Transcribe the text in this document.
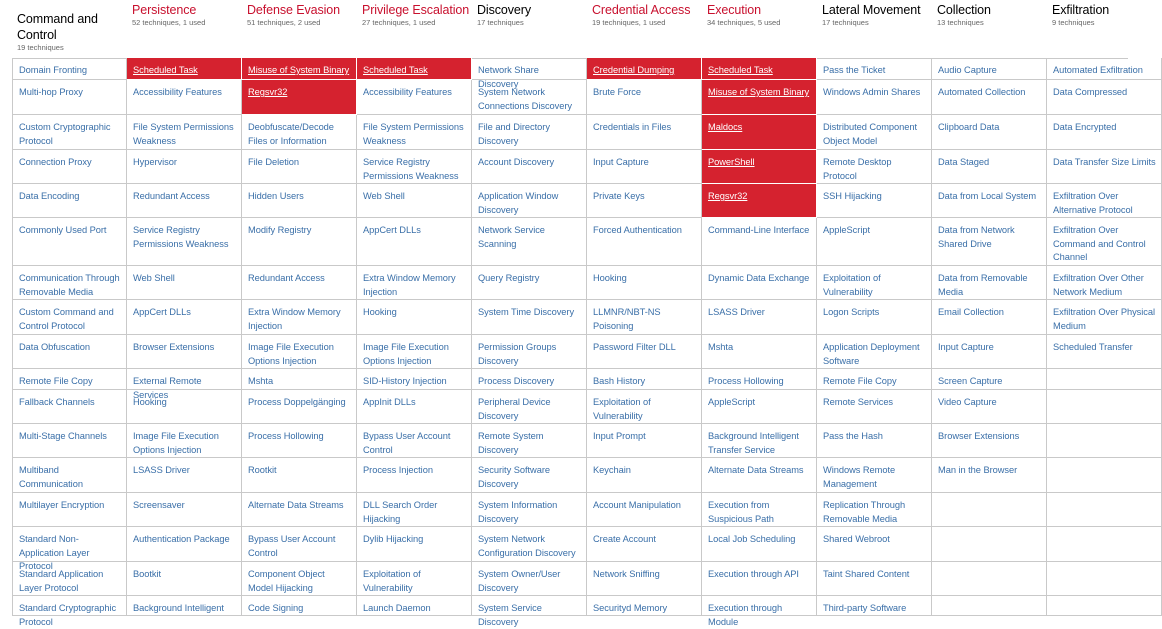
Command and Control
19 techniques
Domain Fronting
Multi-hop Proxy
Custom Cryptographic Protocol
Connection Proxy
Data Encoding
Commonly Used Port
Communication Through Removable Media
Custom Command and Control Protocol
Data Obfuscation
Remote File Copy
Fallback Channels
Multi-Stage Channels
Multiband Communication
Multilayer Encryption
Standard Non-Application Layer Protocol
Standard Application Layer Protocol
Standard Cryptographic Protocol
Persistence
52 techniques, 1 used
Scheduled Task
Accessibility Features
File System Permissions Weakness
Hypervisor
Redundant Access
Service Registry Permissions Weakness
Web Shell
AppCert DLLs
Browser Extensions
External Remote Services
Hooking
Image File Execution Options Injection
LSASS Driver
Screensaver
Authentication Package
Bootkit
Background Intelligent
Defense Evasion
51 techniques, 2 used
Misuse of System Binary
Regsvr32
Deobfuscate/Decode Files or Information
File Deletion
Hidden Users
Modify Registry
Redundant Access
Extra Window Memory Injection
Image File Execution Options Injection
Mshta
Process Doppelgänging
Process Hollowing
Rootkit
Alternate Data Streams
Bypass User Account Control
Component Object Model Hijacking
Code Signing
Privilege Escalation
27 techniques, 1 used
Scheduled Task
Accessibility Features
File System Permissions Weakness
Service Registry Permissions Weakness
Web Shell
AppCert DLLs
Extra Window Memory Injection
Hooking
Image File Execution Options Injection
SID-History Injection
AppInit DLLs
Bypass User Account Control
Process Injection
DLL Search Order Hijacking
Dylib Hijacking
Exploitation of Vulnerability
Launch Daemon
Discovery
17 techniques
Network Share Discovery
System Network Connections Discovery
File and Directory Discovery
Account Discovery
Application Window Discovery
Network Service Scanning
Query Registry
System Time Discovery
Permission Groups Discovery
Process Discovery
Peripheral Device Discovery
Remote System Discovery
Security Software Discovery
System Information Discovery
System Network Configuration Discovery
System Owner/User Discovery
System Service Discovery
Credential Access
19 techniques, 1 used
Credential Dumping
Brute Force
Credentials in Files
Input Capture
Private Keys
Forced Authentication
Hooking
LLMNR/NBT-NS Poisoning
Password Filter DLL
Bash History
Exploitation of Vulnerability
Input Prompt
Keychain
Account Manipulation
Create Account
Network Sniffing
Securityd Memory
Execution
34 techniques, 5 used
Scheduled Task
Misuse of System Binary
Maldocs
PowerShell
Regsvr32
Command-Line Interface
Dynamic Data Exchange
LSASS Driver
Mshta
Process Hollowing
AppleScript
Background Intelligent Transfer Service
Alternate Data Streams
Execution from Suspicious Path
Local Job Scheduling
Execution through API
Execution through Module
Lateral Movement
17 techniques
Pass the Ticket
Windows Admin Shares
Distributed Component Object Model
Remote Desktop Protocol
SSH Hijacking
AppleScript
Exploitation of Vulnerability
Logon Scripts
Application Deployment Software
Remote File Copy
Remote Services
Pass the Hash
Windows Remote Management
Replication Through Removable Media
Shared Webroot
Taint Shared Content
Third-party Software
Collection
13 techniques
Audio Capture
Automated Collection
Clipboard Data
Data Staged
Data from Local System
Data from Network Shared Drive
Data from Removable Media
Email Collection
Input Capture
Screen Capture
Video Capture
Browser Extensions
Man in the Browser
Exfiltration
9 techniques
Automated Exfiltration
Data Compressed
Data Encrypted
Data Transfer Size Limits
Exfiltration Over Alternative Protocol
Exfiltration Over Command and Control Channel
Exfiltration Over Other Network Medium
Exfiltration Over Physical Medium
Scheduled Transfer
